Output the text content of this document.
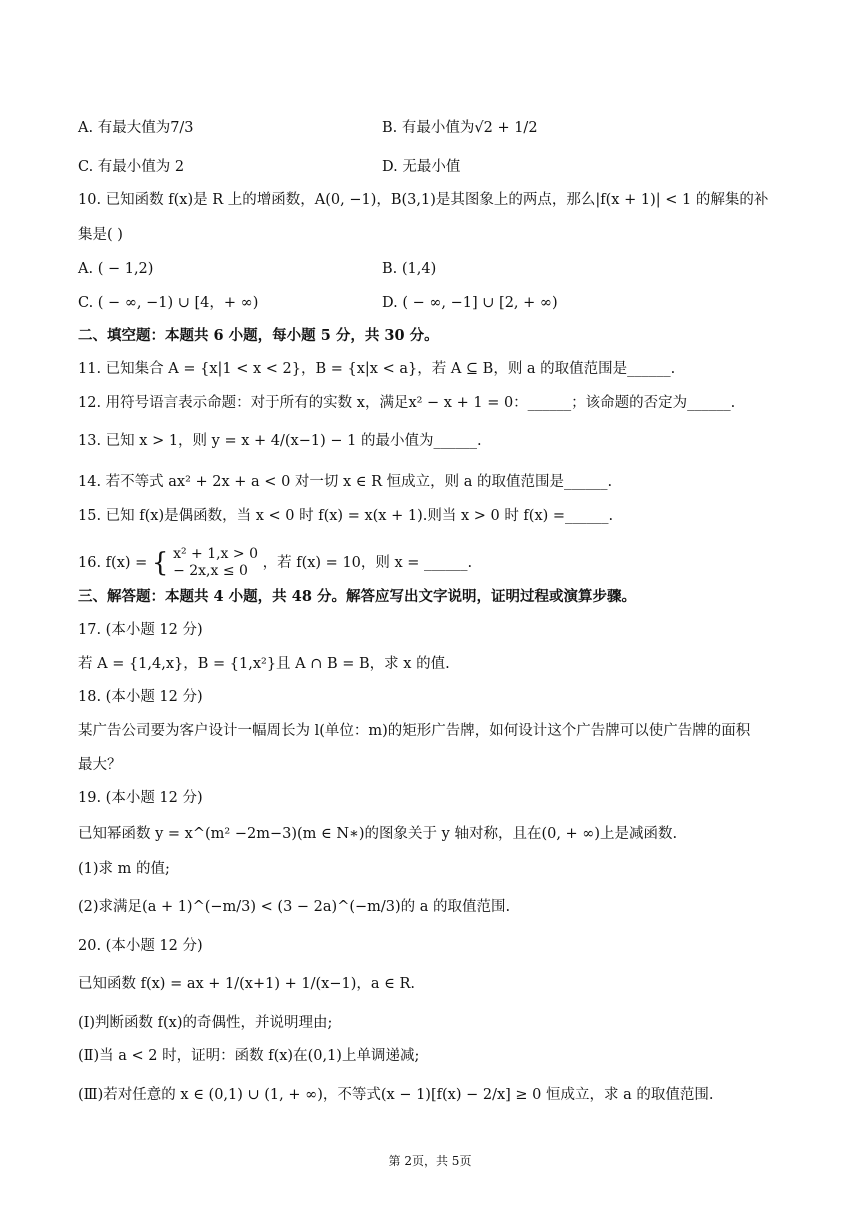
A. 有最大值为7/3	B. 有最小值为√2 + 1/2
C. 有最小值为 2	D. 无最小值
10. 已知函数 f(x)是 R 上的增函数，A(0, −1)，B(3,1)是其图象上的两点，那么|f(x + 1)| < 1 的解集的补
集是( )
A. ( − 1,2)	B. (1,4)
C. ( − ∞, −1) ∪ [4，+ ∞)	D. ( − ∞, −1] ∪ [2, + ∞)
二、填空题：本题共 6 小题，每小题 5 分，共 30 分。
11. 已知集合 A = {x|1 < x < 2}，B = {x|x < a}，若 A ⊆ B，则 a 的取值范围是______.
12. 用符号语言表示命题：对于所有的实数 x，满足x² − x + 1 = 0：______；该命题的否定为______.
13. 已知 x > 1，则 y = x + 4/(x−1) − 1 的最小值为______.
14. 若不等式 ax² + 2x + a < 0 对一切 x ∈ R 恒成立，则 a 的取值范围是______.
15. 已知 f(x)是偶函数，当 x < 0 时 f(x) = x(x + 1).则当 x > 0 时 f(x) =______.
16. f(x) = { x² + 1,x > 0
− 2x,x ≤ 0	，若 f(x) = 10，则 x = ______.
三、解答题：本题共 4 小题，共 48 分。解答应写出文字说明，证明过程或演算步骤。
17. (本小题 12 分)
若 A = {1,4,x}，B = {1,x²}且 A ∩ B = B，求 x 的值.
18. (本小题 12 分)
某广告公司要为客户设计一幅周长为 l(单位：m)的矩形广告牌，如何设计这个广告牌可以使广告牌的面积
最大？
19. (本小题 12 分)
已知幂函数 y = x^(m² −2m−3)(m ∈ N∗)的图象关于 y 轴对称，且在(0, + ∞)上是减函数.
(1)求 m 的值;
(2)求满足(a + 1)^(−m/3) < (3 − 2a)^(−m/3)的 a 的取值范围.
20. (本小题 12 分)
已知函数 f(x) = ax + 1/(x+1) + 1/(x−1)，a ∈ R.
(Ⅰ)判断函数 f(x)的奇偶性，并说明理由;
(Ⅱ)当 a < 2 时，证明：函数 f(x)在(0,1)上单调递减;
(Ⅲ)若对任意的 x ∈ (0,1) ∪ (1, + ∞)，不等式(x − 1)[f(x) − 2/x] ≥ 0 恒成立，求 a 的取值范围.
第 2页，共 5页
